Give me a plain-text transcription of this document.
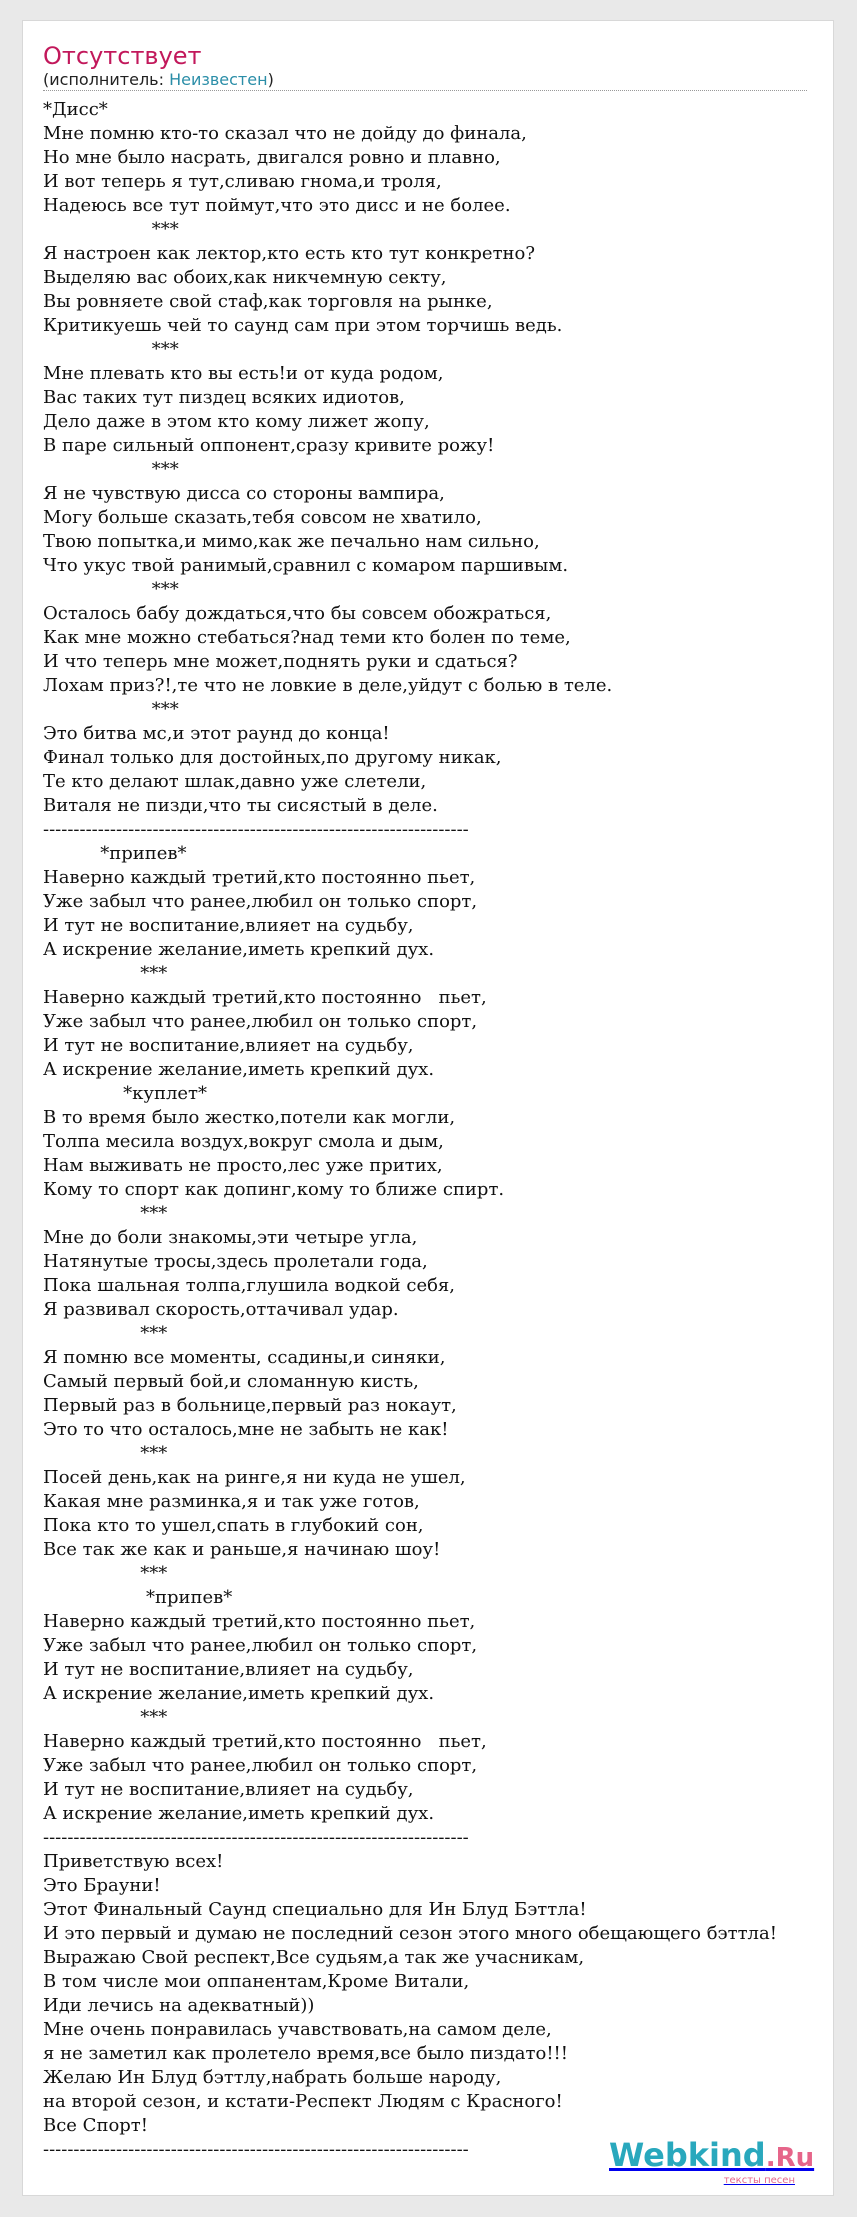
Отсутствует
(исполнитель: Неизвестен)
*Дисс*
Мне помню кто-то сказал что не дойду до финала,
Но мне было насрать, двигался ровно и плавно,
И вот теперь я тут,сливаю гнома,и троля,
Надеюсь все тут поймут,что это дисс и не более.
***
Я настроен как лектор,кто есть кто тут конкретно?
Выделяю вас обоих,как никчемную секту,
Вы ровняете свой стаф,как торговля на рынке,
Критикуешь чей то саунд сам при этом торчишь ведь.
***
Мне плевать кто вы есть!и от куда родом,
Вас таких тут пиздец всяких идиотов,
Дело даже в этом кто кому лижет жопу,
В паре сильный оппонент,сразу кривите рожу!
***
Я не чувствую дисса со стороны вампира,
Могу больше сказать,тебя совсом не хватило,
Твою попытка,и мимо,как же печально нам сильно,
Что укус твой ранимый,сравнил с комаром паршивым.
***
Осталось бабу дождаться,что бы совсем обожраться,
Как мне можно стебаться?над теми кто болен по теме,
И что теперь мне может,поднять руки и сдаться?
Лохам приз?!,те что не ловкие в деле,уйдут с болью в теле.
***
Это битва мс,и этот раунд до конца!
Финал только для достойных,по другому никак,
Те кто делают шлак,давно уже слетели,
Виталя не пизди,что ты сисястый в деле.
----------------------------------------------------------------------
*припев*
Наверно каждый третий,кто постоянно пьет,
Уже забыл что ранее,любил он только спорт,
И тут не воспитание,влияет на судьбу,
А искрение желание,иметь крепкий дух.
***
Наверно каждый третий,кто постоянно   пьет,
Уже забыл что ранее,любил он только спорт,
И тут не воспитание,влияет на судьбу,
А искрение желание,иметь крепкий дух.
*куплет*
В то время было жестко,потели как могли,
Толпа месила воздух,вокруг смола и дым,
Нам выживать не просто,лес уже притих,
Кому то спорт как допинг,кому то ближе спирт.
***
Мне до боли знакомы,эти четыре угла,
Натянутые тросы,здесь пролетали года,
Пока шальная толпа,глушила водкой себя,
Я развивал скорость,оттачивал удар.
***
Я помню все моменты, ссадины,и синяки,
Самый первый бой,и сломанную кисть,
Первый раз в больнице,первый раз нокаут,
Это то что осталось,мне не забыть не как!
***
Посей день,как на ринге,я ни куда не ушел,
Какая мне разминка,я и так уже готов,
Пока кто то ушел,спать в глубокий сон,
Все так же как и раньше,я начинаю шоу!
***
*припев*
Наверно каждый третий,кто постоянно пьет,
Уже забыл что ранее,любил он только спорт,
И тут не воспитание,влияет на судьбу,
А искрение желание,иметь крепкий дух.
***
Наверно каждый третий,кто постоянно   пьет,
Уже забыл что ранее,любил он только спорт,
И тут не воспитание,влияет на судьбу,
А искрение желание,иметь крепкий дух.
----------------------------------------------------------------------
Приветствую всех!
Это Брауни!
Этот Финальный Саунд специально для Ин Блуд Бэттла!
И это первый и думаю не последний сезон этого много обещающего бэттла!
Выражаю Свой респект,Все судьям,а так же учасникам,
В том числе мои оппанентам,Кроме Витали,
Иди лечись на адекватный))
Мне очень понравилась учавствовать,на самом деле,
я не заметил как пролетело время,все было пиздато!!!
Желаю Ин Блуд бэттлу,набрать больше народу,
на второй сезон, и кстати-Респект Людям с Красного!
Все Спорт!
----------------------------------------------------------------------	Webkind.Ru
тексты песен
